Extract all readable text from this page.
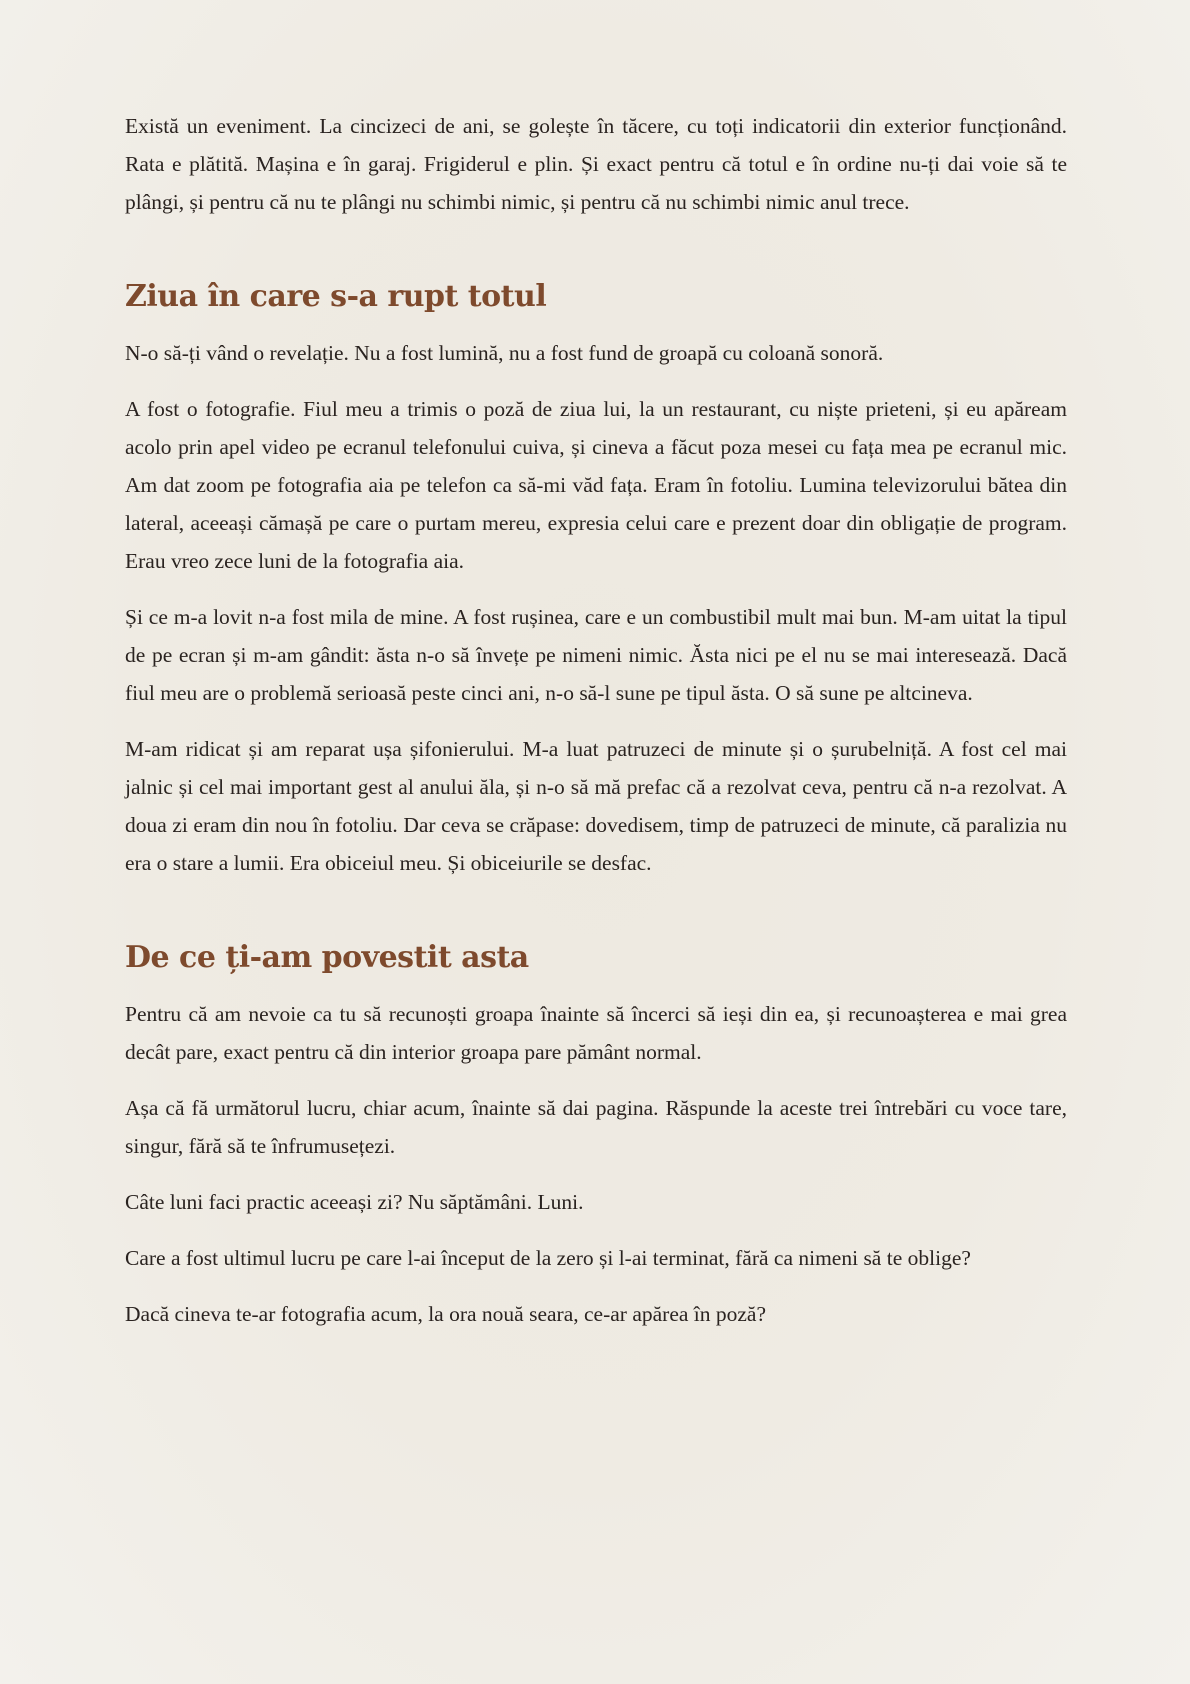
Există un eveniment. La cincizeci de ani, se golește în tăcere, cu toți indicatorii din exterior funcționând. Rata e plătită. Mașina e în garaj. Frigiderul e plin. Și exact pentru că totul e în ordine nu-ți dai voie să te plângi, și pentru că nu te plângi nu schimbi nimic, și pentru că nu schimbi nimic anul trece.

Ziua în care s-a rupt totul

N-o să-ți vând o revelație. Nu a fost lumină, nu a fost fund de groapă cu coloană sonoră.

A fost o fotografie. Fiul meu a trimis o poză de ziua lui, la un restaurant, cu niște prieteni, și eu apăream acolo prin apel video pe ecranul telefonului cuiva, și cineva a făcut poza mesei cu fața mea pe ecranul mic. Am dat zoom pe fotografia aia pe telefon ca să-mi văd fața. Eram în fotoliu. Lumina televizorului bătea din lateral, aceeași cămașă pe care o purtam mereu, expresia celui care e prezent doar din obligație de program. Erau vreo zece luni de la fotografia aia.

Și ce m-a lovit n-a fost mila de mine. A fost rușinea, care e un combustibil mult mai bun. M-am uitat la tipul de pe ecran și m-am gândit: ăsta n-o să învețe pe nimeni nimic. Ăsta nici pe el nu se mai interesează. Dacă fiul meu are o problemă serioasă peste cinci ani, n-o să-l sune pe tipul ăsta. O să sune pe altcineva.

M-am ridicat și am reparat ușa șifonierului. M-a luat patruzeci de minute și o șurubelniță. A fost cel mai jalnic și cel mai important gest al anului ăla, și n-o să mă prefac că a rezolvat ceva, pentru că n-a rezolvat. A doua zi eram din nou în fotoliu. Dar ceva se crăpase: dovedisem, timp de patruzeci de minute, că paralizia nu era o stare a lumii. Era obiceiul meu. Și obiceiurile se desfac.

De ce ți-am povestit asta

Pentru că am nevoie ca tu să recunoști groapa înainte să încerci să ieși din ea, și recunoașterea e mai grea decât pare, exact pentru că din interior groapa pare pământ normal.

Așa că fă următorul lucru, chiar acum, înainte să dai pagina. Răspunde la aceste trei întrebări cu voce tare, singur, fără să te înfrumusețezi.

Câte luni faci practic aceeași zi? Nu săptămâni. Luni.

Care a fost ultimul lucru pe care l-ai început de la zero și l-ai terminat, fără ca nimeni să te oblige?

Dacă cineva te-ar fotografia acum, la ora nouă seara, ce-ar apărea în poză?
